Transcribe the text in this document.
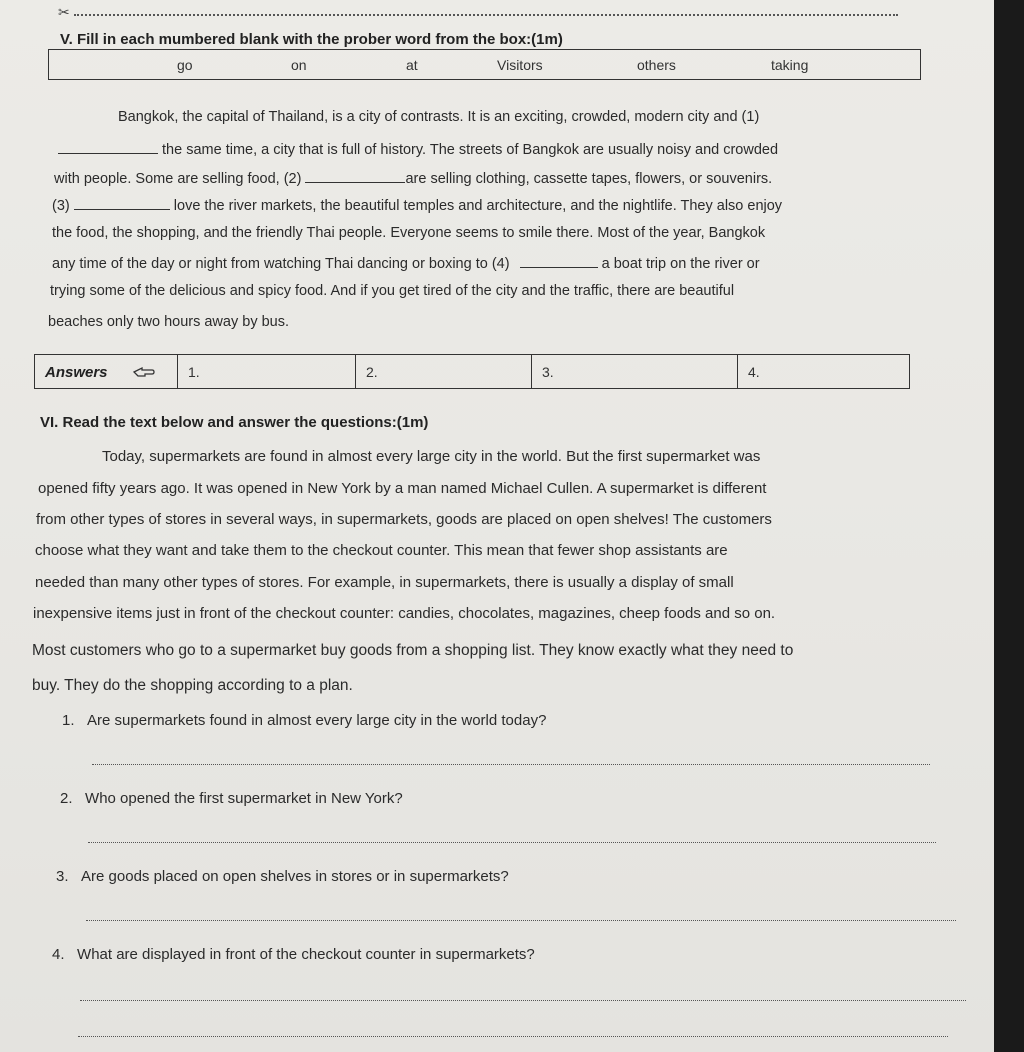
✂
V. Fill in each mumbered blank with the prober word from the box:(1m)
go	on	at	Visitors	others	taking
Bangkok, the capital of Thailand, is a city of contrasts. It is an exciting, crowded, modern city and (1)
the same time, a city that is full of history. The streets of Bangkok are usually noisy and crowded
with people. Some are selling food, (2)	are selling clothing, cassette tapes, flowers, or souvenirs.
(3)	love the river markets, the beautiful temples and architecture, and the nightlife. They also enjoy
the food, the shopping, and the friendly Thai people. Everyone seems to smile there. Most of the year, Bangkok
any time of the day or night from watching Thai dancing or boxing to (4)	a boat trip on the river or
trying some of the delicious and spicy food. And if you get tired of the city and the traffic, there are beautiful
beaches only two hours away by bus.
Answers	1.	2.	3.	4.
VI. Read the text below and answer the questions:(1m)
Today, supermarkets are found in almost every large city in the world. But the first supermarket was
opened fifty years ago. It was opened in New York by a man named Michael Cullen. A supermarket is different
from other types of stores in several ways, in supermarkets, goods are placed on open shelves! The customers
choose what they want and take them to the checkout counter. This mean that fewer shop assistants are
needed than many other types of stores. For example, in supermarkets, there is usually a display of small
inexpensive items just in front of the checkout counter: candies, chocolates, magazines, cheep foods and so on.
Most customers who go to a supermarket buy goods from a shopping list. They know exactly what they need to
buy. They do the shopping according to a plan.
1. Are supermarkets found in almost every large city in the world today?
2. Who opened the first supermarket in New York?
3. Are goods placed on open shelves in stores or in supermarkets?
4. What are displayed in front of the checkout counter in supermarkets?
